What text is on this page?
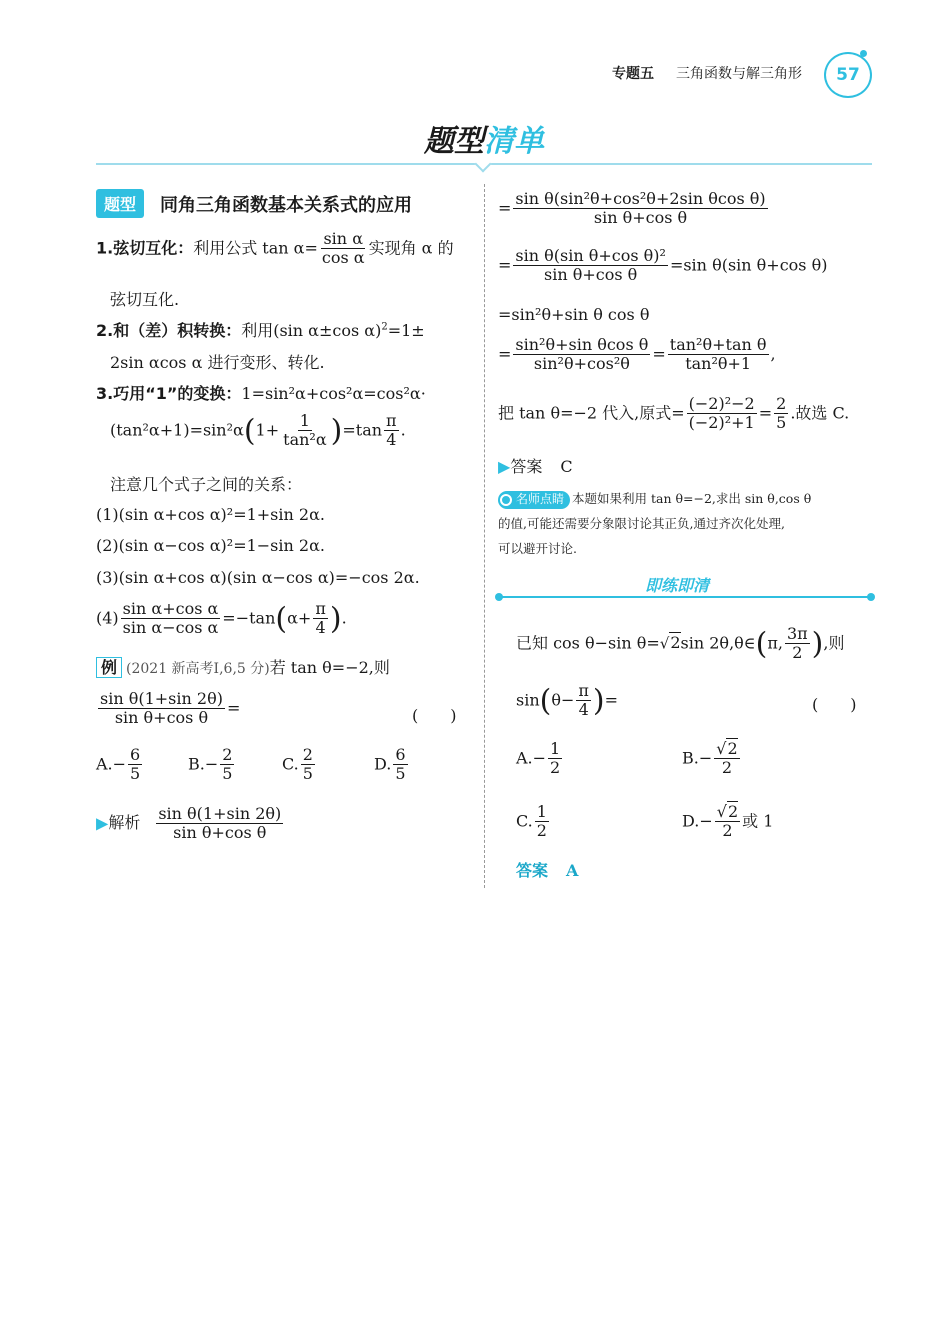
专题五 三角函数与解三角形	57
题型清单
题型	同角三角函数基本关系式的应用
1.弦切互化：利用公式 $\tan \alpha= \frac{\text{sin α}}{\text{cos α}}$ 实现角 α 的
弦切互化.
2.和（差）积转换：利用(sin α±cos α)$^2$=1±
2sin αcos α 进行变形、转化.
3.巧用“1”的变换：1=sin²α+cos²α=cos²α·
$(\tan^2\alpha+1)=\sin^2\alpha(1+ \frac{1}{\text{tan²α}} )=\tan \frac{\pi}{4}$ .
注意几个式子之间的关系：
(1)(sin α+cos α)²=1+sin 2α.
(2)(sin α−cos α)²=1−sin 2α.
(3)(sin α+cos α)(sin α−cos α)=−cos 2α.
$(4) \frac{\text{sin α+cos α}}{\text{sin α−cos α}} =-\tan(\alpha+ \frac{\pi}{4}$ ).
例 (2021 新高考Ⅰ,6,5 分)若 tan θ=−2,则
$\frac{\text{sin θ(1+sin 2θ)}}{\text{sin θ+cos θ}}$ =	(　　)
$A.- \frac{6}{5}$	$B.- \frac{2}{5}$	C. $\frac{2}{5}$	D. $\frac{6}{5}$
▶解析 $\frac{\text{sin θ(1+sin 2θ)}}{\text{sin θ+cos θ}}$
= $\frac{\text{sin θ(sin²θ+cos²θ+2sin θcos θ)}}{\text{sin θ+cos θ}}$
= $\frac{\text{sin θ(sin θ+cos θ)²}}{\text{sin θ+cos θ}} =\sin$ θ(sin θ+cos θ)
=sin²θ+sin θ cos θ
= $\frac{\text{sin²θ+sin θcos θ}}{\text{sin²θ+cos²θ}} = \frac{\text{tan²θ+tan θ}}{\text{tan²θ+1}}$ ,
把 tan θ=−2 代入,原式= $\frac{\text{(−2)²−2}}{\text{(−2)²+1}} = \frac{2}{5}$ .故选 C.
▶答案 C
名师点睛 本题如果利用 tan θ=−2,求出 sin θ,cos θ
的值,可能还需要分象限讨论其正负,通过齐次化处理,
可以避开讨论.
即练即清
已知 cos θ−sin θ=√2sin 2θ,θ∈(π, $\frac{3\pi}{2}$ ),则
$\sin(\theta- \frac{\pi}{4}$ )=	(　　)
$A.- \frac{1}{2}$	$B.- \frac{√2}{2}$
C. $\frac{1}{2}$	$D.- \frac{√2}{2}$ 或 1
答案 A
